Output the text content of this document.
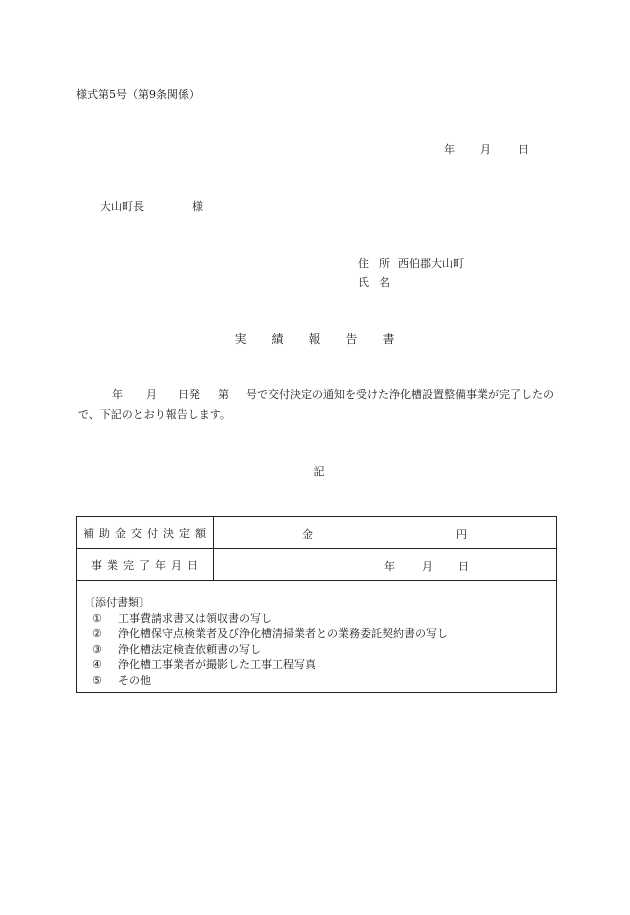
様式第5号（第9条関係）
年 月 日
大山町長	様
住所西伯郡大山町
氏名
実績報告書
年 月 日発 第 号で交付決定の通知を受けた浄化槽設置整備事業が完了したので、下記のとおり報告します。
記
補助金交付決定額	金	円
事業完了年月日	年 月 日
〔添付書類〕
① 工事費請求書又は領収書の写し
② 浄化槽保守点検業者及び浄化槽清掃業者との業務委託契約書の写し
③ 浄化槽法定検査依頼書の写し
④ 浄化槽工事業者が撮影した工事工程写真
⑤ その他
